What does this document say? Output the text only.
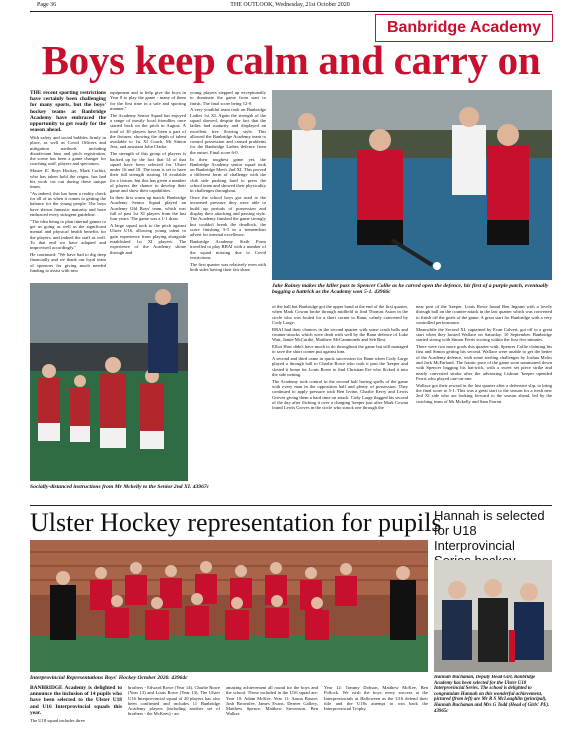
Page 36	THE OUTLOOK, Wednesday, 21st October 2020
Banbridge Academy
Boys keep calm and carry on

THE recent sporting restrictions have certainly been challenging for many sports, but the boys' hockey teams at Banbridge Academy have embraced the opportunity to get ready for the season ahead.

With safety and social bubbles firmly in place, as well as Covid Officers and mitigation methods including disinfectant bins and pitch registration, the scene has been a game changer for coaching staff, players and spectators.

Master IC Boys Hockey, Mark Corbitt, who has taken hold the reigns, has had his work cut out during these unique times.

"As indeed, this has been a reality check for all of us when it comes to getting the balance for the young people. The boys have shown fantastic maturity and have embraced every stringent guideline.

"The idea being to plan internal games to get us going as well as the significant mental and physical health benefits for the players, and indeed the staff as well. To that end we have adapted and improvised accordingly."

He continued: "We have had to dig deep financially and we thank our loyal team of sponsors for giving much needed funding to assist with new

equipment and to help give the boys in Year 8 to play the game - many of them for the first time in a safe and sporting manner."

The Academy Senior Squad has enjoyed a range of mostly local friendlies once started back on the pitch in August. A total of 30 players have been a part of the fixtures, showing the depth of talent available to 1st XI Coach, Mr Simon Jess, and assistant John Clarke.

The strength of this group of players is backed up by the fact that 14 of that squad have been selected for Ulster under 16 and 18. The team is set to have their full strength starting 16 available for a fixture, but this has given a number of players the chance to develop their game and show their capabilities.

In their first warm up match, Banbridge Academy Senior Squad played an Academy Old Boys' team, which was full of past 1st XI players from the last four years. The game was a 1-1 draw.

A large squad took to the pitch against Ulster U16, allowing young talent to gain experience from playing alongside established 1st XI players. The experience of the Academy shone through and

young players stepped up exceptionally to dominate the game from start to finish. The final score being 12-0.

A very youthful team took on Banbridge Ladies 1st XI. Again the strength of the squad showed, despite the fact that the ladies had maturity and displayed an excellent free flowing style. This allowed the Banbridge Academy team to control possession and caused problems for the Banbridge Ladies defence from the outset. Final score 6-0.

In their toughest game yet, the Banbridge Academy senior squad took on Banbridge Men's 2nd XI. This proved a different form of challenge with the club side pushing hard to press the school team and showed their physicality in challenges throughout.

Once the school boys got used to the increased pressure they were able to build up periods of possession and display their attacking and passing style. The Academy finished the game strongly but couldn't break the deadlock, the score finishing 3-3 in a tremendous advert for internal excellence.

Banbridge Academy Sixth Form travelled to play RBAI with a number of the squad missing due to Covid restrictions.

The first quarter was relatively even with both sides having their fair share

Socially-distanced instructions from Mr Mckelly to the Senior 2nd XI. 43967c
Jake Rainey makes the killer pass to Spencer Collie as he carved open the defence, his first of a purple patch, eventually bagging a hattrick as the Academy won 5-1. 43966c

of the ball but Banbridge got the upper hand at the end of the first quarter, when Mark Cowan broke through midfield to find Thomas Aston in the circle who was fouled for a short corner to Bann, calmly converted by Cody Large.

RBAI had their chances in the second quarter with some crash balls and counter-attacks which were dealt with well by the Bann defence of Luke Watt, Jamie McCurdie, Matthew McCammonds and Seb Best.

Elliot Haw didn't have much to do throughout the game but still managed to save the short corner put against him.

A second and third came in quick succession for Bann when Cody Large played a through ball to Charlie Rowe who took it past the 'keeper and slotted it home for Louis Rowe to find Christian Ere who flicked it into the side netting.

The Academy took control in the second half having spells of the game with every man in the opposition half and plenty of possession. They continued to apply pressure with Ben Irvine, Charlie Kerry and Lewis Groves giving them a hard time on attack. Cody Large flagged his second of the day after flicking it over a charging 'keeper just after Mark Cowan found Lewis Groves in the circle who struck one through the

near post of the 'keeper. Louis Rowe found Ben Ingram with a lovely through ball on the counter-attack in the last quarter which was converted to finish off the goals of the game. A great start for Banbridge with a very controlled performance.

Meanwhile the Second XI, captained by Evan Calvert, got off to a great start when they hosted Wallace on Saturday, 10 September. Banbridge started strong with Simon Ferris scoring within the first five minutes.

There were two more goals this quarter with, Spencer Collie claiming his first and Simon getting his second. Wallace were unable to get the better of the Academy defence, with some sterling challenges by Joshua Moles and Jack McFarland. The frantic pace of the game soon summoned down with Spencer bagging his hat-trick, with a sweet set piece strike and neatly converted stroke after the advancing Lisburn 'keeper upended Ferris who played one-on-one.

Wallace got their reward in the last quarter after a defensive slip, to bring the final score to 5-1. This was a great start to the season for a fresh new 2nd XI side who are looking forward to the season ahead, led by the coaching team of Mr Mckelly and Sam Farron.

Ulster Hockey representation for pupils
Interprovincial Representations Boys' Hockey October 2020. 43964c

BANBRIDGE Academy is delighted to announce the inclusion of 14 pupils who have been selected to the Ulster U18 and U16 Interprovincial squads this year.

The U18 squad includes three

brothers - Edward Rowe (Year 14), Charlie Rowe (Year 13) and Louis Rowe (Year 13). The Ulster U16 Interprovincial squad of 20 players has also been confirmed and includes 11 Banbridge Academy players (including another set of brothers - the McKees) - an

amazing achievement all round for the boys and the school. Those included in the U16 squad are: Year 10: Adam McKee. Year 11: Aaron Baxter, Josh Brownlee, James Evans, Denver Gallery, Matthew Spence, Matthew Stevenson, Ben Walker.

Year 12: Tommy Dobson, Matthew McKee, Ben Pollock. We wish the boys every success at the Interprovincials at Halloween as the U16 defend their title and the U18s attempt to win back the Interprovincial Trophy.

Hannah is selected for U18 Interprovincial
Hannah Buchanan, Deputy Head Girl, Banbridge Academy has been selected for the Ulster U18 Interprovincial Series. The school is delighted to congratulate Hannah on this wonderful achievement, pictured (from left) are Mr R S McLoughlin (principal), Hannah Buchanan and Mrs G Todd (Head of Girls' PE). 43965c
